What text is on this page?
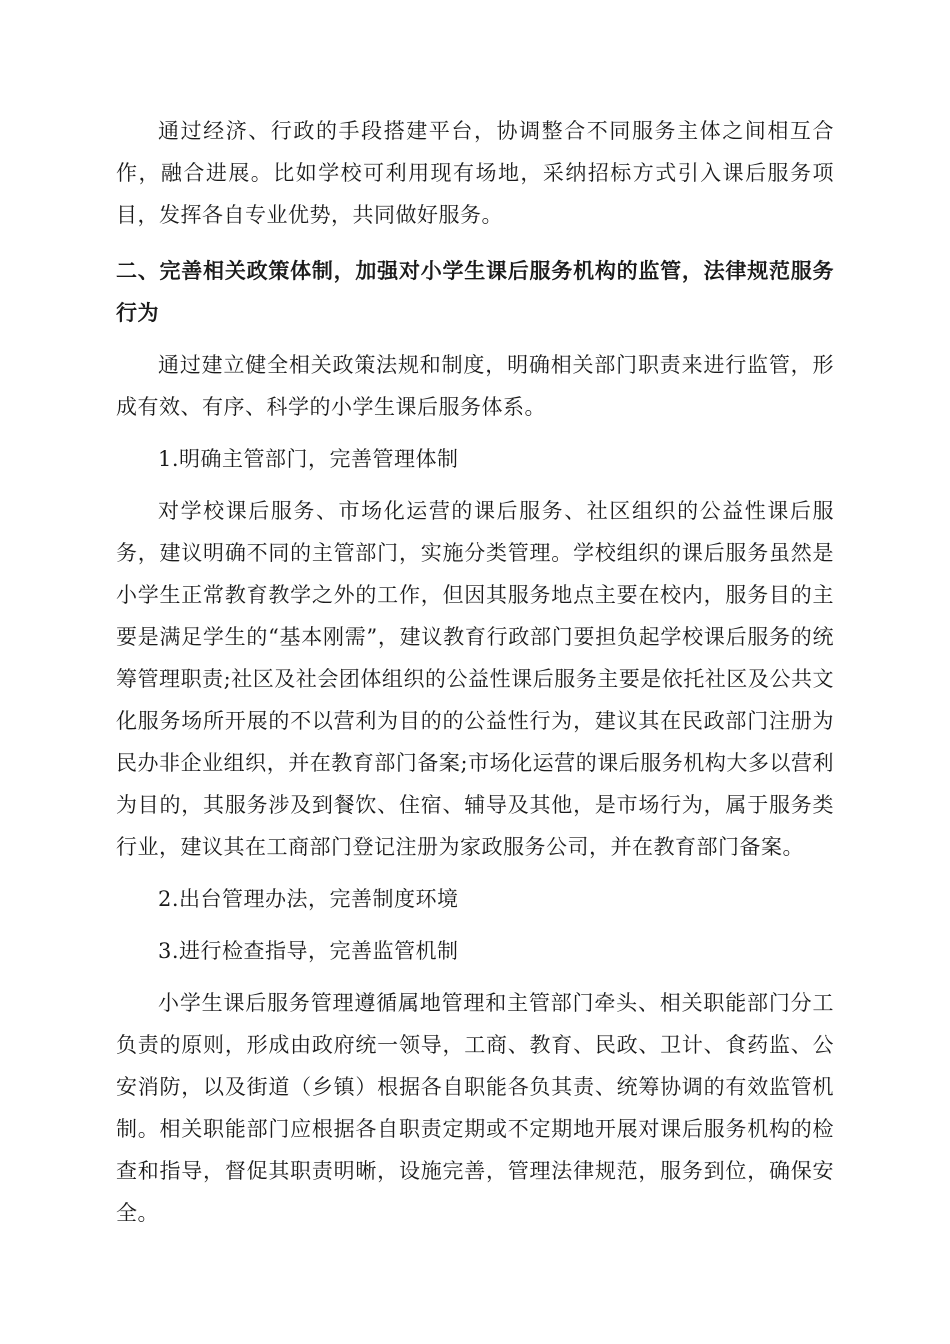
通过经济、行政的手段搭建平台，协调整合不同服务主体之间相互合作，融合进展。比如学校可利用现有场地，采纳招标方式引入课后服务项目，发挥各自专业优势，共同做好服务。

二、完善相关政策体制，加强对小学生课后服务机构的监管，法律规范服务行为

通过建立健全相关政策法规和制度，明确相关部门职责来进行监管，形成有效、有序、科学的小学生课后服务体系。

1.明确主管部门，完善管理体制

对学校课后服务、市场化运营的课后服务、社区组织的公益性课后服务，建议明确不同的主管部门，实施分类管理。学校组织的课后服务虽然是小学生正常教育教学之外的工作，但因其服务地点主要在校内，服务目的主要是满足学生的“基本刚需”，建议教育行政部门要担负起学校课后服务的统筹管理职责;社区及社会团体组织的公益性课后服务主要是依托社区及公共文化服务场所开展的不以营利为目的的公益性行为，建议其在民政部门注册为民办非企业组织，并在教育部门备案;市场化运营的课后服务机构大多以营利为目的，其服务涉及到餐饮、住宿、辅导及其他，是市场行为，属于服务类行业，建议其在工商部门登记注册为家政服务公司，并在教育部门备案。

2.出台管理办法，完善制度环境

3.进行检查指导，完善监管机制

小学生课后服务管理遵循属地管理和主管部门牵头、相关职能部门分工负责的原则，形成由政府统一领导，工商、教育、民政、卫计、食药监、公安消防，以及街道（乡镇）根据各自职能各负其责、统筹协调的有效监管机制。相关职能部门应根据各自职责定期或不定期地开展对课后服务机构的检查和指导，督促其职责明晰，设施完善，管理法律规范，服务到位，确保安全。
